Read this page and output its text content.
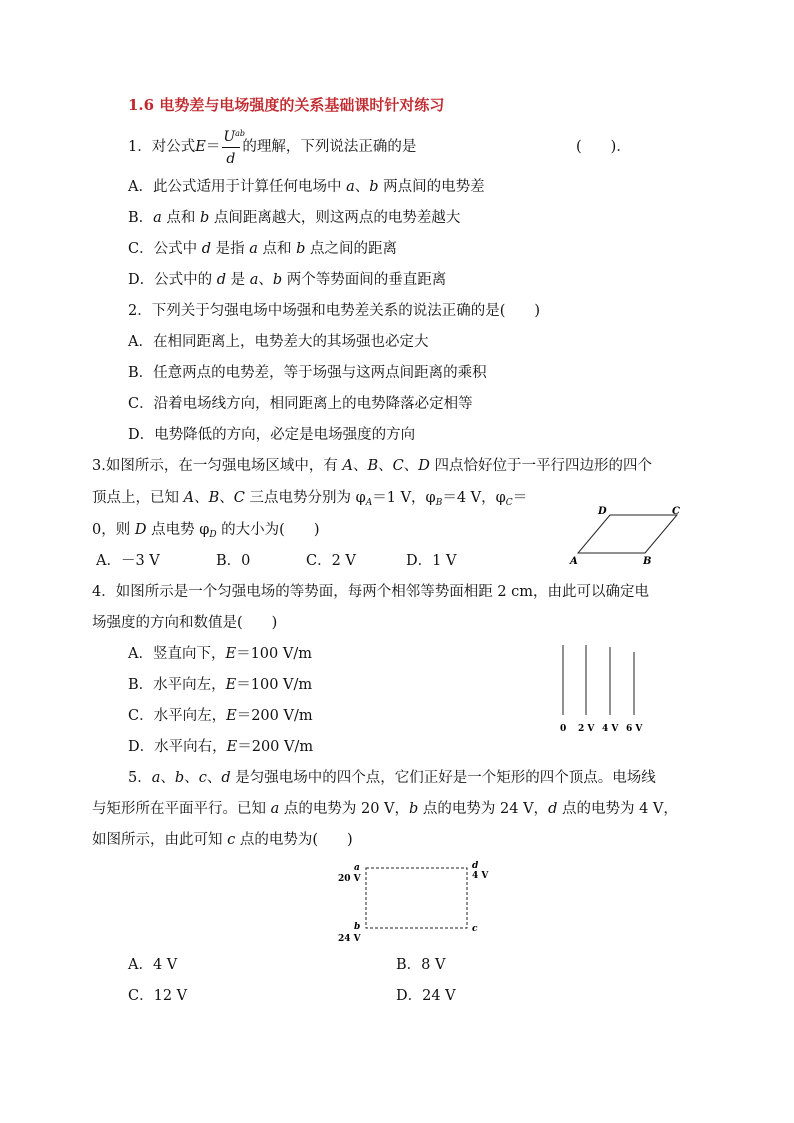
1.6 电势差与电场强度的关系基础课时针对练习
1．对公式$E= \frac{U^{ab}}{d}$ 的理解，下列说法正确的是	(　　)．
A．此公式适用于计算任何电场中 a、b 两点间的电势差
B．a 点和 b 点间距离越大，则这两点的电势差越大
C．公式中 d 是指 a 点和 b 点之间的距离
D．公式中的 d 是 a、b 两个等势面间的垂直距离
2．下列关于匀强电场中场强和电势差关系的说法正确的是(　　)
A．在相同距离上，电势差大的其场强也必定大
B．任意两点的电势差，等于场强与这两点间距离的乘积
C．沿着电场线方向，相同距离上的电势降落必定相等
D．电势降低的方向，必定是电场强度的方向
3.如图所示，在一匀强电场区域中，有 A、B、C、D 四点恰好位于一平行四边形的四个
顶点上，已知 A、B、C 三点电势分别为 $\varphi_A=1$ V，$\varphi_B=4$ V，$\varphi_C=$
0，则 D 点电势 $\varphi_D$ 的大小为(　　)
A．－3 V	B．0	C．2 V	D．1 V
D	C
A	B
4．如图所示是一个匀强电场的等势面，每两个相邻等势面相距 2 cm，由此可以确定电
场强度的方向和数值是(　　)
A．竖直向下，E＝100 V/m
B．水平向左，E＝100 V/m
C．水平向左，E＝200 V/m
D．水平向右，E＝200 V/m
0 2 V 4 V 6 V
5．a、b、c、d 是匀强电场中的四个点，它们正好是一个矩形的四个顶点。电场线
与矩形所在平面平行。已知 a 点的电势为 20 V，b 点的电势为 24 V，d 点的电势为 4 V，
如图所示，由此可知 c 点的电势为(　　)
a
20 V
d
4 V
b
24 V
c
A．4 V	B．8 V
C．12 V	D．24 V
